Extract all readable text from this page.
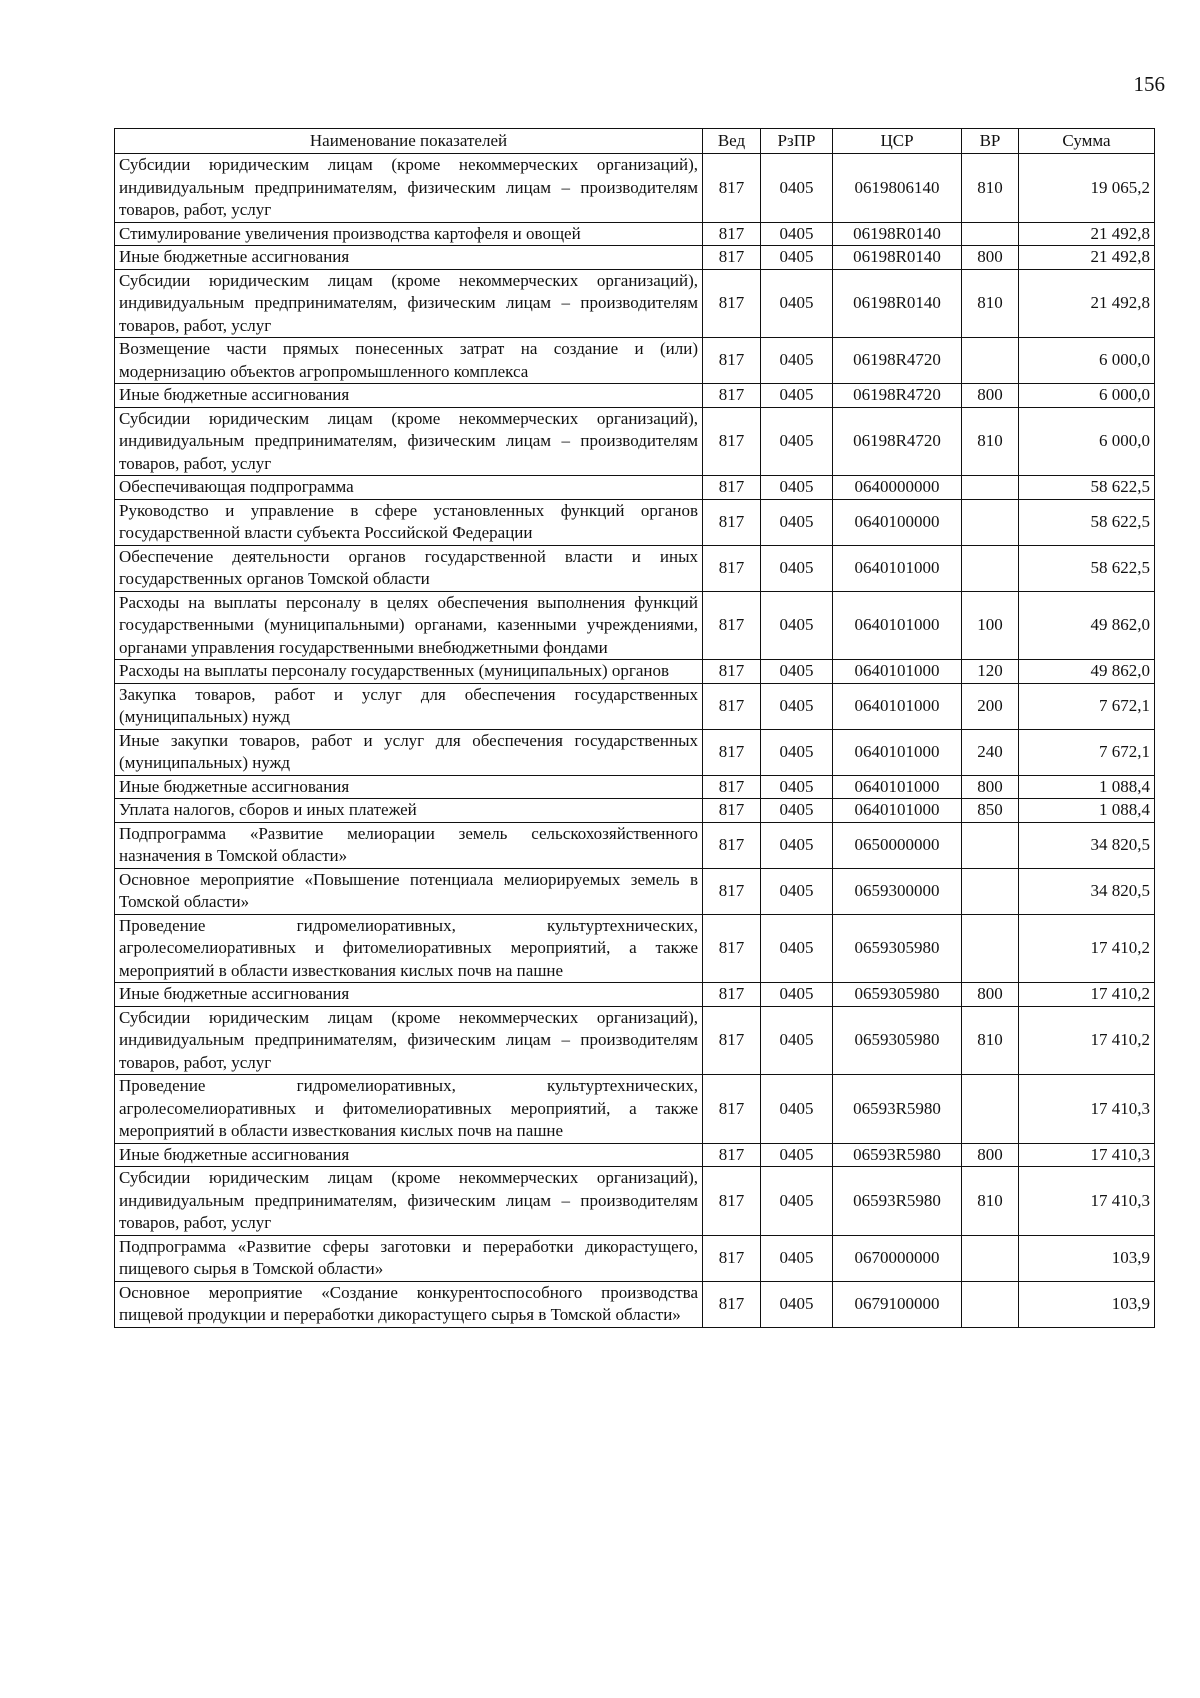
156
Наименование показателей	Вед	РзПР	ЦСР	ВР	Сумма
Субсидии юридическим лицам (кроме некоммерческих организаций), индивидуальным предпринимателям, физическим лицам – производителям товаров, работ, услуг	817	0405	0619806140	810	19 065,2
Стимулирование увеличения производства картофеля и овощей	817	0405	06198R0140		21 492,8
Иные бюджетные ассигнования	817	0405	06198R0140	800	21 492,8
Субсидии юридическим лицам (кроме некоммерческих организаций), индивидуальным предпринимателям, физическим лицам – производителям товаров, работ, услуг	817	0405	06198R0140	810	21 492,8
Возмещение части прямых понесенных затрат на создание и (или) модернизацию объектов агропромышленного комплекса	817	0405	06198R4720		6 000,0
Иные бюджетные ассигнования	817	0405	06198R4720	800	6 000,0
Субсидии юридическим лицам (кроме некоммерческих организаций), индивидуальным предпринимателям, физическим лицам – производителям товаров, работ, услуг	817	0405	06198R4720	810	6 000,0
Обеспечивающая подпрограмма	817	0405	0640000000		58 622,5
Руководство и управление в сфере установленных функций органов государственной власти субъекта Российской Федерации	817	0405	0640100000		58 622,5
Обеспечение деятельности органов государственной власти и иных государственных органов Томской области	817	0405	0640101000		58 622,5
Расходы на выплаты персоналу в целях обеспечения выполнения функций государственными (муниципальными) органами, казенными учреждениями, органами управления государственными внебюджетными фондами	817	0405	0640101000	100	49 862,0
Расходы на выплаты персоналу государственных (муниципальных) органов	817	0405	0640101000	120	49 862,0
Закупка товаров, работ и услуг для обеспечения государственных (муниципальных) нужд	817	0405	0640101000	200	7 672,1
Иные закупки товаров, работ и услуг для обеспечения государственных (муниципальных) нужд	817	0405	0640101000	240	7 672,1
Иные бюджетные ассигнования	817	0405	0640101000	800	1 088,4
Уплата налогов, сборов и иных платежей	817	0405	0640101000	850	1 088,4
Подпрограмма «Развитие мелиорации земель сельскохозяйственного назначения в Томской области»	817	0405	0650000000		34 820,5
Основное мероприятие «Повышение потенциала мелиорируемых земель в Томской области»	817	0405	0659300000		34 820,5
Проведение гидромелиоративных, культуртехнических, агролесомелиоративных и фитомелиоративных мероприятий, а также мероприятий в области известкования кислых почв на пашне	817	0405	0659305980		17 410,2
Иные бюджетные ассигнования	817	0405	0659305980	800	17 410,2
Субсидии юридическим лицам (кроме некоммерческих организаций), индивидуальным предпринимателям, физическим лицам – производителям товаров, работ, услуг	817	0405	0659305980	810	17 410,2
Проведение гидромелиоративных, культуртехнических, агролесомелиоративных и фитомелиоративных мероприятий, а также мероприятий в области известкования кислых почв на пашне	817	0405	06593R5980		17 410,3
Иные бюджетные ассигнования	817	0405	06593R5980	800	17 410,3
Субсидии юридическим лицам (кроме некоммерческих организаций), индивидуальным предпринимателям, физическим лицам – производителям товаров, работ, услуг	817	0405	06593R5980	810	17 410,3
Подпрограмма «Развитие сферы заготовки и переработки дикорастущего, пищевого сырья в Томской области»	817	0405	0670000000		103,9
Основное мероприятие «Создание конкурентоспособного производства пищевой продукции и переработки дикорастущего сырья в Томской области»	817	0405	0679100000		103,9
